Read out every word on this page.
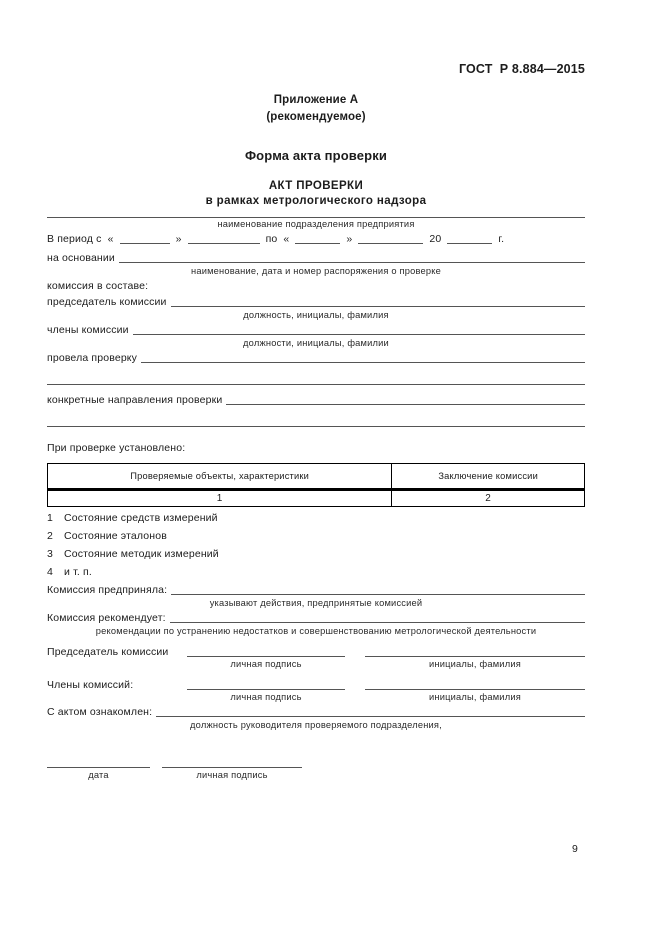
ГОСТ  Р 8.884—2015
Приложение А
(рекомендуемое)
Форма акта проверки
АКТ ПРОВЕРКИ
в рамках метрологического надзора
наименование подразделения предприятия
В период с «	»	по «	»	20	г.
на основании
наименование, дата и номер распоряжения о проверке
комиссия в составе:
председатель комиссии
должность, инициалы, фамилия
члены комиссии
должности, инициалы, фамилии
провела проверку
конкретные направления проверки
При проверке установлено:
Проверяемые объекты, характеристики	Заключение комиссии
1	2
1	Состояние средств измерений
2	Состояние эталонов
3	Состояние методик измерений
4	и т. п.
Комиссия предприняла:
указывают действия, предпринятые комиссией
Комиссия рекомендует:
рекомендации по устранению недостатков и совершенствованию метрологической деятельности
Председатель комиссии
личная подпись	инициалы, фамилия
Члены комиссий:
личная подпись	инициалы, фамилия
С актом ознакомлен:
должность руководителя проверяемого подразделения,
дата	личная подпись
9
